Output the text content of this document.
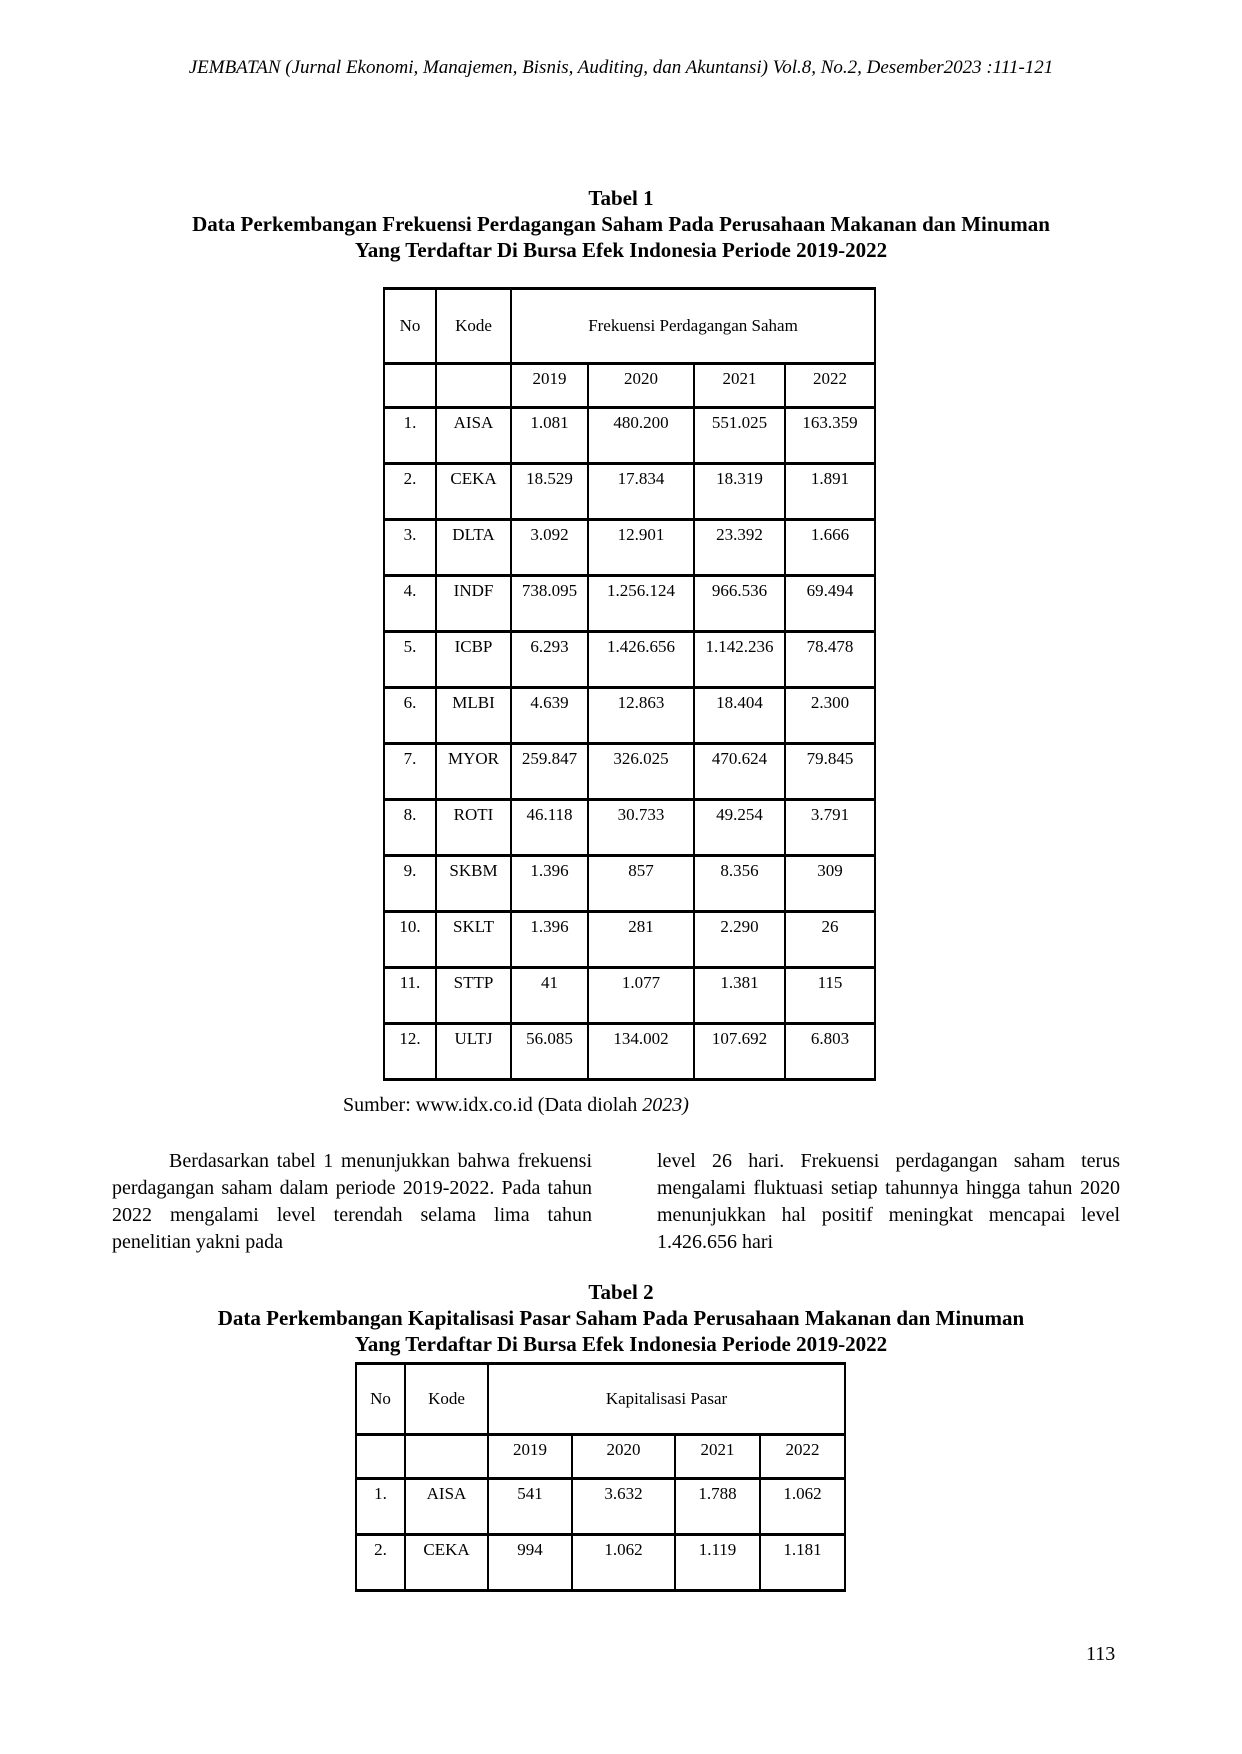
JEMBATAN (Jurnal Ekonomi, Manajemen, Bisnis, Auditing, dan Akuntansi) Vol.8, No.2, Desember2023 :111-121
Tabel 1
Data Perkembangan Frekuensi Perdagangan Saham Pada Perusahaan Makanan dan Minuman
Yang Terdaftar Di Bursa Efek Indonesia Periode 2019-2022
No	Kode	Frekuensi Perdagangan Saham			
		2019	2020	2021	2022
1.	AISA	1.081	480.200	551.025	163.359
2.	CEKA	18.529	17.834	18.319	1.891
3.	DLTA	3.092	12.901	23.392	1.666
4.	INDF	738.095	1.256.124	966.536	69.494
5.	ICBP	6.293	1.426.656	1.142.236	78.478
6.	MLBI	4.639	12.863	18.404	2.300
7.	MYOR	259.847	326.025	470.624	79.845
8.	ROTI	46.118	30.733	49.254	3.791
9.	SKBM	1.396	857	8.356	309
10.	SKLT	1.396	281	2.290	26
11.	STTP	41	1.077	1.381	115
12.	ULTJ	56.085	134.002	107.692	6.803
Sumber: www.idx.co.id (Data diolah 2023)

Berdasarkan tabel 1 menunjukkan bahwa frekuensi perdagangan saham dalam periode 2019-2022. Pada tahun 2022 mengalami level terendah selama lima tahun penelitian yakni pada

level 26 hari. Frekuensi perdagangan saham terus mengalami fluktuasi setiap tahunnya hingga tahun 2020 menunjukkan hal positif meningkat mencapai level 1.426.656 hari

Tabel 2
Data Perkembangan Kapitalisasi Pasar Saham Pada Perusahaan Makanan dan Minuman
Yang Terdaftar Di Bursa Efek Indonesia Periode 2019-2022
No	Kode	Kapitalisasi Pasar			
		2019	2020	2021	2022
1.	AISA	541	3.632	1.788	1.062
2.	CEKA	994	1.062	1.119	1.181
113
